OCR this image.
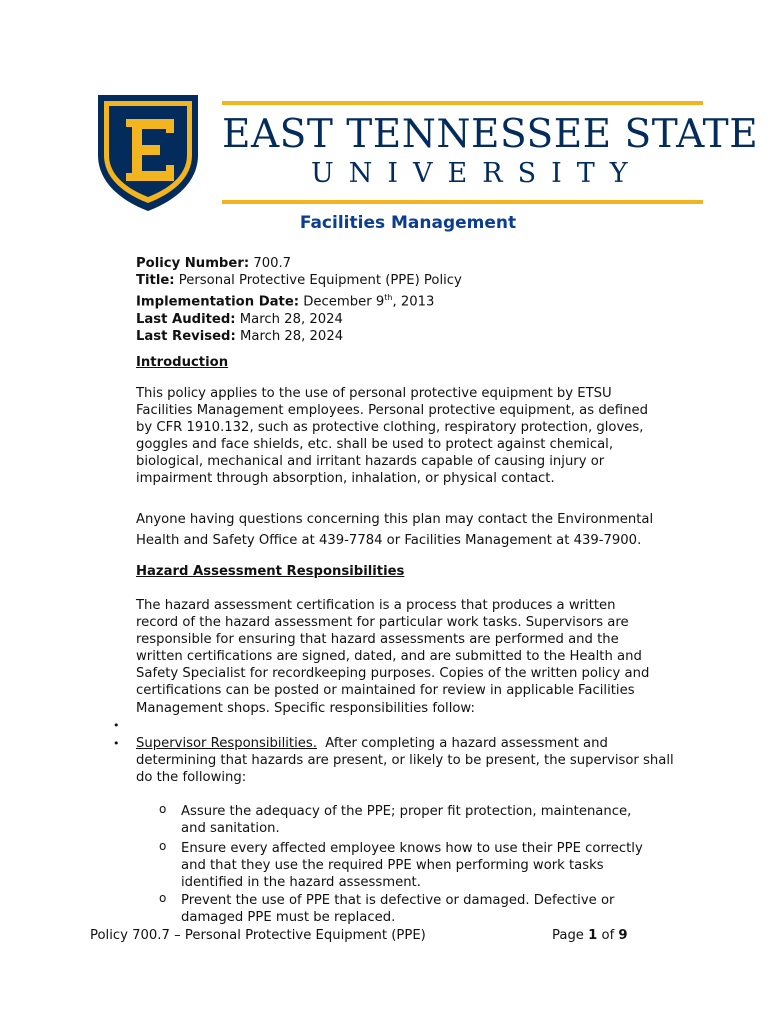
EAST TENNESSEE STATE
UNIVERSITY
Facilities Management
Policy Number: 700.7
Title: Personal Protective Equipment (PPE) Policy
Implementation Date: December 9th, 2013
Last Audited: March 28, 2024
Last Revised: March 28, 2024
Introduction
This policy applies to the use of personal protective equipment by ETSU
Facilities Management employees. Personal protective equipment, as defined
by CFR 1910.132, such as protective clothing, respiratory protection, gloves,
goggles and face shields, etc. shall be used to protect against chemical,
biological, mechanical and irritant hazards capable of causing injury or
impairment through absorption, inhalation, or physical contact.
Anyone having questions concerning this plan may contact the Environmental
Health and Safety Office at 439-7784 or Facilities Management at 439-7900.
Hazard Assessment Responsibilities
The hazard assessment certification is a process that produces a written
record of the hazard assessment for particular work tasks. Supervisors are
responsible for ensuring that hazard assessments are performed and the
written certifications are signed, dated, and are submitted to the Health and
Safety Specialist for recordkeeping purposes. Copies of the written policy and
certifications can be posted or maintained for review in applicable Facilities
Management shops. Specific responsibilities follow:
•
• Supervisor Responsibilities.  After completing a hazard assessment and
determining that hazards are present, or likely to be present, the supervisor shall
do the following:
o Assure the adequacy of the PPE; proper fit protection, maintenance,
and sanitation.
o Ensure every affected employee knows how to use their PPE correctly
and that they use the required PPE when performing work tasks
identified in the hazard assessment.
o Prevent the use of PPE that is defective or damaged. Defective or
damaged PPE must be replaced.
Policy 700.7 – Personal Protective Equipment (PPE)	Page 1 of 9
